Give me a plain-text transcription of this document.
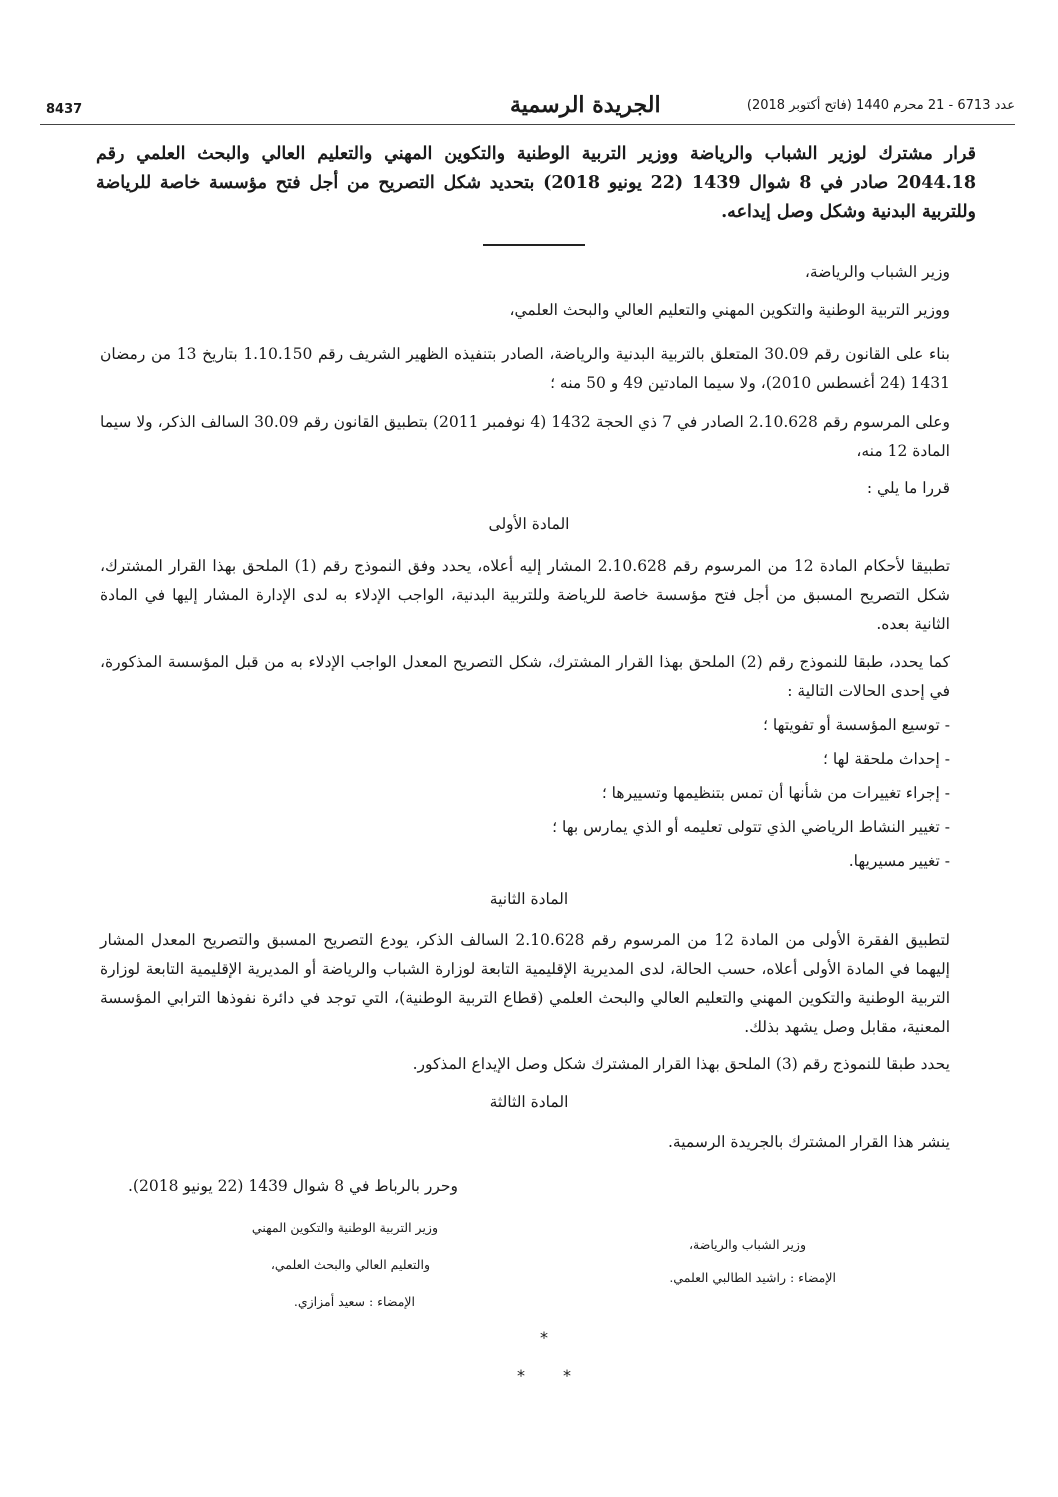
8437	الجريدة الرسمية	عدد 6713 - 21 محرم 1440 (فاتح أكتوبر 2018)
قرار مشترك لوزير الشباب والرياضة ووزير التربية الوطنية والتكوين المهني والتعليم العالي والبحث العلمي رقم 2044.18 صادر في 8 شوال 1439 (22 يونيو 2018) بتحديد شكل التصريح من أجل فتح مؤسسة خاصة للرياضة وللتربية البدنية وشكل وصل إيداعه.
وزير الشباب والرياضة،
ووزير التربية الوطنية والتكوين المهني والتعليم العالي والبحث العلمي،
بناء على القانون رقم 30.09 المتعلق بالتربية البدنية والرياضة، الصادر بتنفيذه الظهير الشريف رقم 1.10.150 بتاريخ 13 من رمضان 1431 (24 أغسطس 2010)، ولا سيما المادتين 49 و 50 منه ؛
وعلى المرسوم رقم 2.10.628 الصادر في 7 ذي الحجة 1432 (4 نوفمبر 2011) بتطبيق القانون رقم 30.09 السالف الذكر، ولا سيما المادة 12 منه،
قررا ما يلي :
المادة الأولى
تطبيقا لأحكام المادة 12 من المرسوم رقم 2.10.628 المشار إليه أعلاه، يحدد وفق النموذج رقم (1) الملحق بهذا القرار المشترك، شكل التصريح المسبق من أجل فتح مؤسسة خاصة للرياضة وللتربية البدنية، الواجب الإدلاء به لدى الإدارة المشار إليها في المادة الثانية بعده.
كما يحدد، طبقا للنموذج رقم (2) الملحق بهذا القرار المشترك، شكل التصريح المعدل الواجب الإدلاء به من قبل المؤسسة المذكورة، في إحدى الحالات التالية :
- توسيع المؤسسة أو تفويتها ؛
- إحداث ملحقة لها ؛
- إجراء تغييرات من شأنها أن تمس بتنظيمها وتسييرها ؛
- تغيير النشاط الرياضي الذي تتولى تعليمه أو الذي يمارس بها ؛
- تغيير مسيريها.
المادة الثانية
لتطبيق الفقرة الأولى من المادة 12 من المرسوم رقم 2.10.628 السالف الذكر، يودع التصريح المسبق والتصريح المعدل المشار إليهما في المادة الأولى أعلاه، حسب الحالة، لدى المديرية الإقليمية التابعة لوزارة الشباب والرياضة أو المديرية الإقليمية التابعة لوزارة التربية الوطنية والتكوين المهني والتعليم العالي والبحث العلمي (قطاع التربية الوطنية)، التي توجد في دائرة نفوذها الترابي المؤسسة المعنية، مقابل وصل يشهد بذلك.
يحدد طبقا للنموذج رقم (3) الملحق بهذا القرار المشترك شكل وصل الإيداع المذكور.
المادة الثالثة
ينشر هذا القرار المشترك بالجريدة الرسمية.
وحرر بالرباط في 8 شوال 1439 (22 يونيو 2018).
وزير التربية الوطنية والتكوين المهني
والتعليم العالي والبحث العلمي،
الإمضاء : سعيد أمزازي.
وزير الشباب والرياضة،
الإمضاء : راشيد الطالبي العلمي.
*
* *
